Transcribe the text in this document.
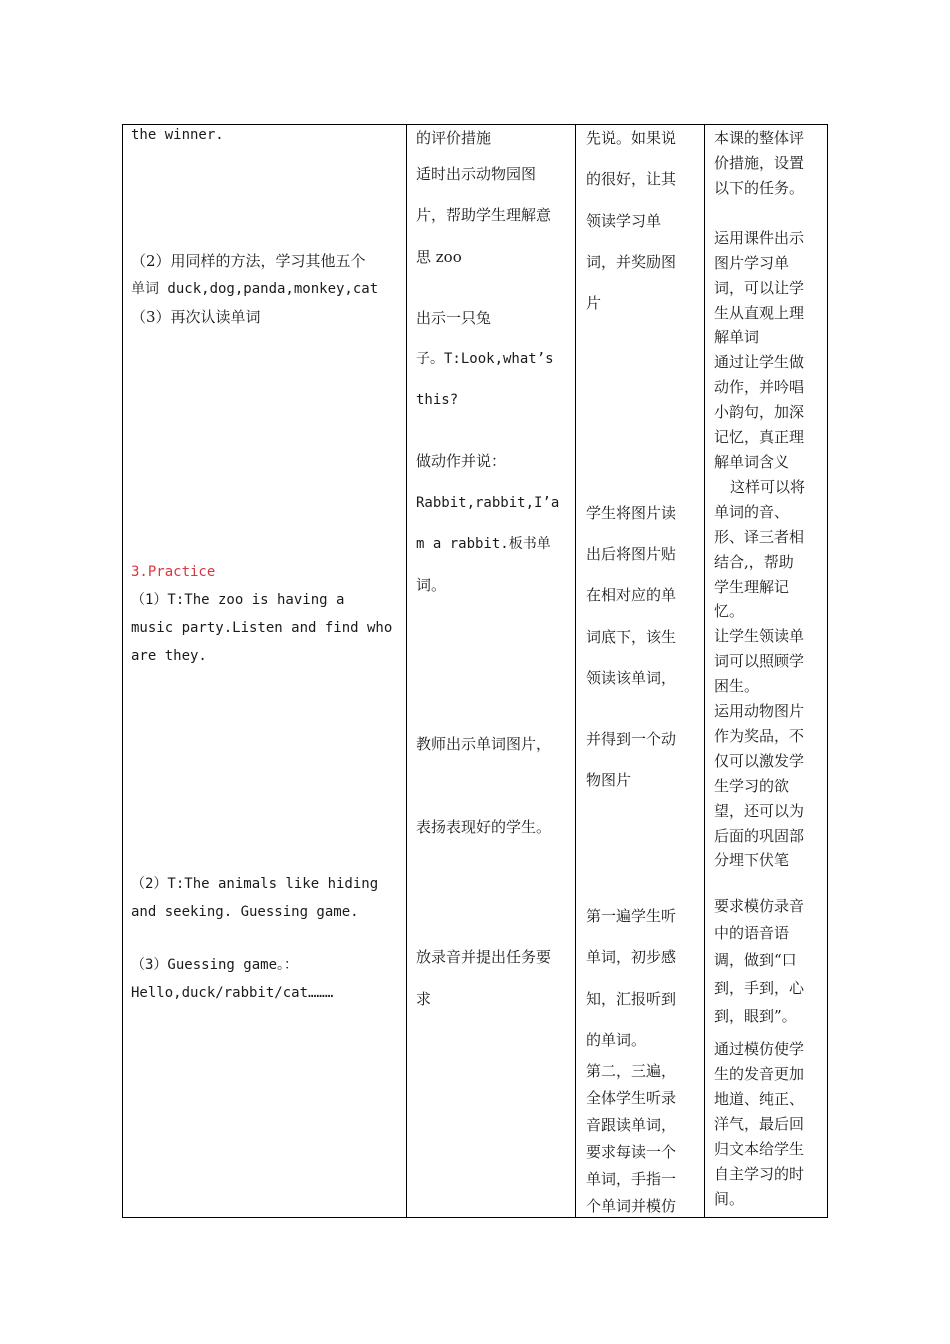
the winner.
（2）用同样的方法，学习其他五个
单词 duck,dog,panda,monkey,cat
（3）再次认读单词
3.Practice
（1）T:The zoo is having a
music party.Listen and find who
are they.
（2）T:The animals like hiding
and seeking. Guessing game.
（3）Guessing game。：
Hello,duck/rabbit/cat………
的评价措施
适时出示动物园图
片，帮助学生理解意
思 zoo
出示一只兔
子。T:Look,what’s
this?
做动作并说：
Rabbit,rabbit,I’a
m a rabbit.板书单
词。
教师出示单词图片，
表扬表现好的学生。
放录音并提出任务要
求
先说。如果说
的很好，让其
领读学习单
词，并奖励图
片
学生将图片读
出后将图片贴
在相对应的单
词底下，该生
领读该单词，
并得到一个动
物图片
第一遍学生听
单词，初步感
知，汇报听到
的单词。
第二，三遍，
全体学生听录
音跟读单词，
要求每读一个
单词，手指一
个单词并模仿
本课的整体评
价措施，设置
以下的任务。
运用课件出示
图片学习单
词，可以让学
生从直观上理
解单词
通过让学生做
动作，并吟唱
小韵句，加深
记忆，真正理
解单词含义
这样可以将
单词的音、
形、译三者相
结合,，帮助
学生理解记
忆。
让学生领读单
词可以照顾学
困生。
运用动物图片
作为奖品，不
仅可以激发学
生学习的欲
望，还可以为
后面的巩固部
分埋下伏笔
要求模仿录音
中的语音语
调，做到“口
到，手到，心
到，眼到”。
通过模仿使学
生的发音更加
地道、纯正、
洋气，最后回
归文本给学生
自主学习的时
间。
